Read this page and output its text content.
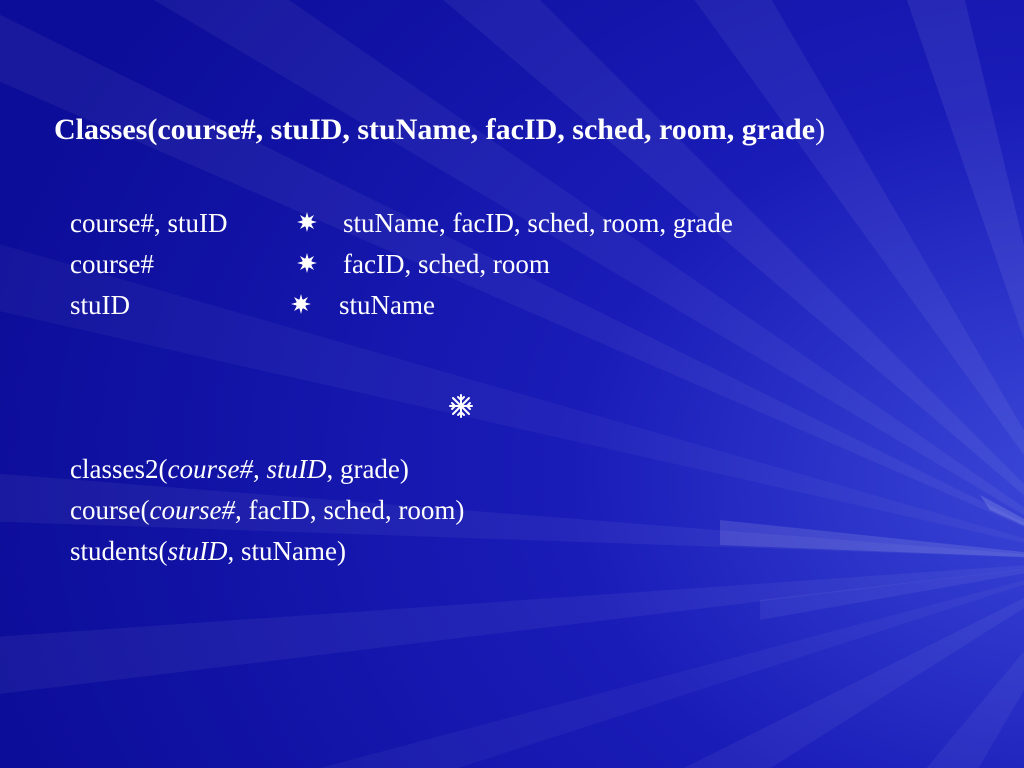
Classes(course#, stuID, stuName, facID, sched, room, grade)
course#, stuID	stuName, facID, sched, room, grade
course#	facID, sched, room
stuID	stuName
classes2(course#, stuID, grade)
course(course#, facID, sched, room)
students(stuID, stuName)
